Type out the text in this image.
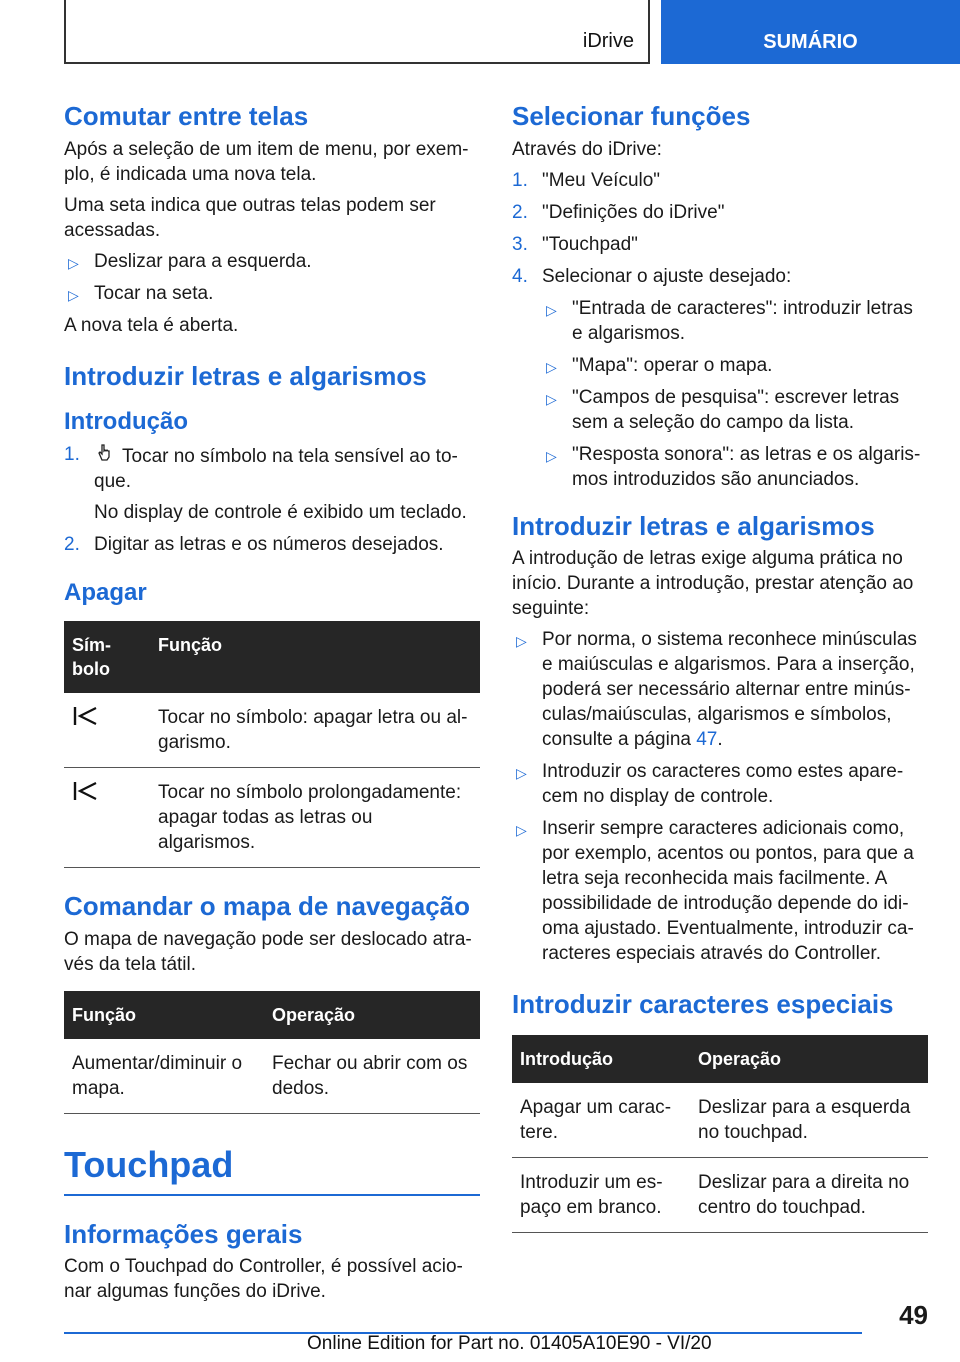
iDrive	SUMÁRIO
Comutar entre telas

Após a seleção de um item de menu, por exemplo, é indicada uma nova tela.

Uma seta indica que outras telas podem ser acessadas.

▷ Deslizar para a esquerda.
▷ Tocar na seta.

A nova tela é aberta.

Introduzir letras e algarismos
Introdução
1. Tocar no símbolo na tela sensível ao toque.
No display de controle é exibido um teclado.
2. Digitar as letras e os números desejados.
Apagar
Símbolo	Função
	Tocar no símbolo: apagar letra ou algarismo.
	Tocar no símbolo prolongadamente: apagar todas as letras ou algarismos.
Comandar o mapa de navegação

O mapa de navegação pode ser deslocado através da tela tátil.

Função	Operação
Aumentar/diminuir o mapa.	Fechar ou abrir com os dedos.
Touchpad
Informações gerais

Com o Touchpad do Controller, é possível acionar algumas funções do iDrive.

Selecionar funções

Através do iDrive:

1. "Meu Veículo"
2. "Definições do iDrive"
3. "Touchpad"
4. Selecionar o ajuste desejado:
▷ "Entrada de caracteres": introduzir letras e algarismos.
▷ "Mapa": operar o mapa.
▷ "Campos de pesquisa": escrever letras sem a seleção do campo da lista.
▷ "Resposta sonora": as letras e os algarismos introduzidos são anunciados.
Introduzir letras e algarismos

A introdução de letras exige alguma prática no início. Durante a introdução, prestar atenção ao seguinte:

▷ Por norma, o sistema reconhece minúsculas e maiúsculas e algarismos. Para a inserção, poderá ser necessário alternar entre minúsculas/maiúsculas, algarismos e símbolos, consulte a página 47.
▷ Introduzir os caracteres como estes aparecem no display de controle.
▷ Inserir sempre caracteres adicionais como, por exemplo, acentos ou pontos, para que a letra seja reconhecida mais facilmente. A possibilidade de introdução depende do idioma ajustado. Eventualmente, introduzir caracteres especiais através do Controller.
Introduzir caracteres especiais
Introdução	Operação
Apagar um caractere.	Deslizar para a esquerda no touchpad.
Introduzir um espaço em branco.	Deslizar para a direita no centro do touchpad.
49
Online Edition for Part no. 01405A10E90 - VI/20
